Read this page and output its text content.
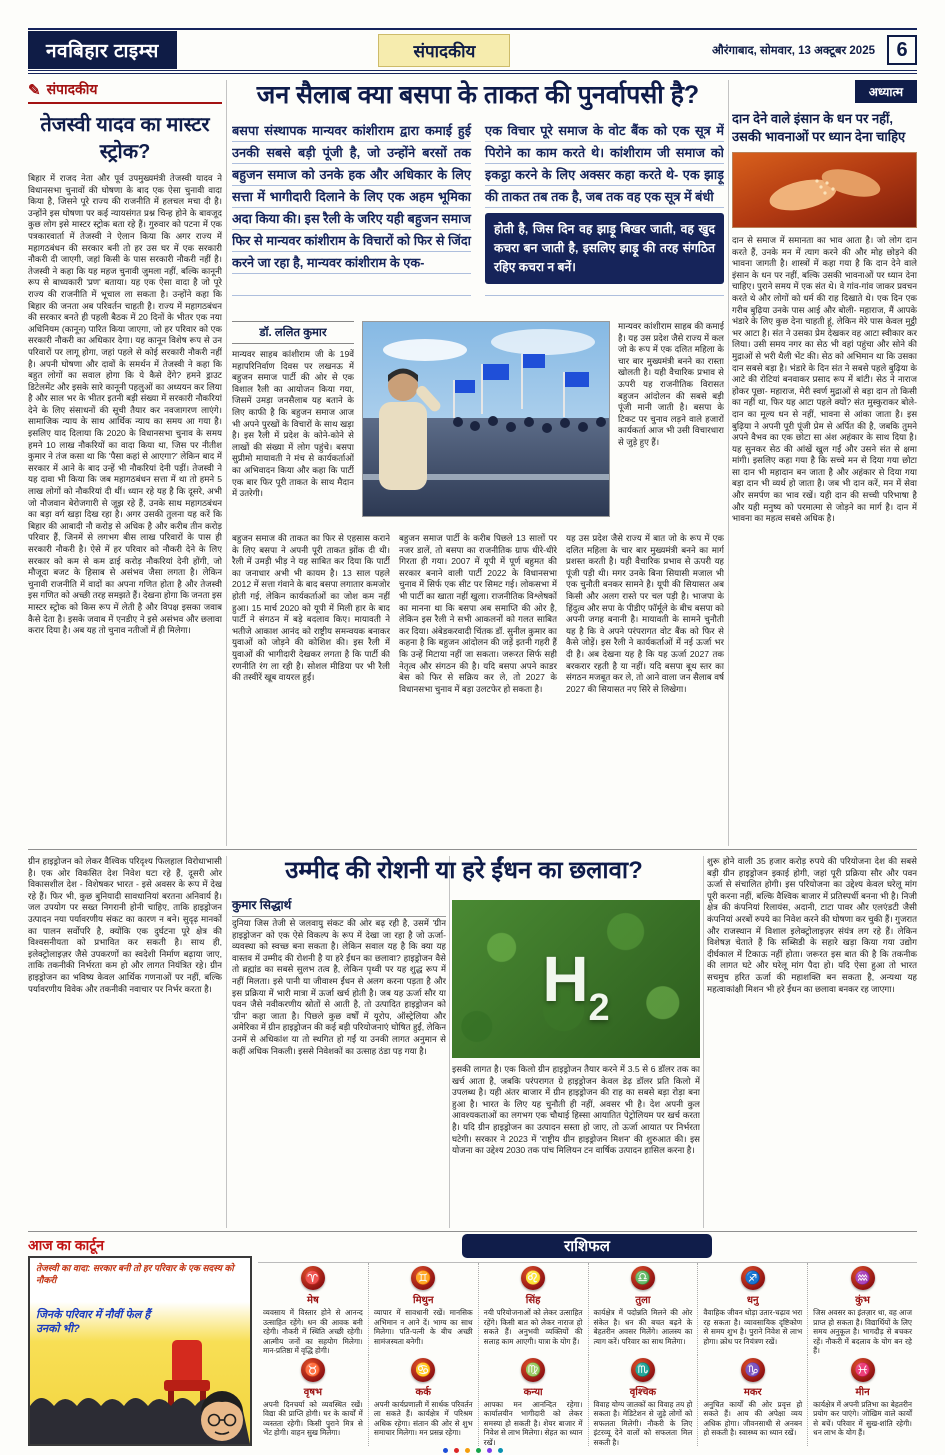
नवबिहार टाइम्स	संपादकीय	औरंगाबाद, सोमवार, 13 अक्टूबर 2025	6
✎ संपादकीय
तेजस्वी यादव का मास्टर स्ट्रोक?
बिहार में राजद नेता और पूर्व उपमुख्यमंत्री तेजस्वी यादव ने विधानसभा चुनावों की घोषणा के बाद एक ऐसा चुनावी वादा किया है, जिसने पूरे राज्य की राजनीति में हलचल मचा दी है। उन्होंने इस घोषणा पर कई न्यायसंगत प्रश्न चिन्ह होने के बावजूद कुछ लोग इसे मास्टर स्ट्रोक बता रहे हैं। गुरुवार को पटना में एक पत्रकारवार्ता में तेजस्वी ने ऐलान किया कि अगर राज्य में महागठबंधन की सरकार बनी तो हर उस घर में एक सरकारी नौकरी दी जाएगी, जहां किसी के पास सरकारी नौकरी नहीं है। तेजस्वी ने कहा कि यह महज चुनावी जुमला नहीं, बल्कि कानूनी रूप से बाध्यकारी 'प्रण' बताया। यह एक ऐसा वादा है जो पूरे राज्य की राजनीति में भूचाल ला सकता है। उन्होंने कहा कि बिहार की जनता अब परिवर्तन चाहती है। राज्य में महागठबंधन की सरकार बनते ही पहली बैठक में 20 दिनों के भीतर एक नया अधिनियम (कानून) पारित किया जाएगा, जो हर परिवार को एक सरकारी नौकरी का अधिकार देगा। यह कानून विशेष रूप से उन परिवारों पर लागू होगा, जहां पहले से कोई सरकारी नौकरी नहीं है। अपनी घोषणा और दावों के समर्थन में तेजस्वी ने कहा कि बहुत लोगों का सवाल होगा कि ये कैसे देंगे? हमने ड्राउट डिटेलमेंट और इसके सारे कानूनी पहलुओं का अध्ययन कर लिया है और साल भर के भीतर इतनी बड़ी संख्या में सरकारी नौकरियां देने के लिए संसाधनों की सूची तैयार कर नवजागरण लाएंगे। सामाजिक न्याय के साथ आर्थिक न्याय का समय आ गया है। इसलिए याद दिलाया कि 2020 के विधानसभा चुनाव के समय हमने 10 लाख नौकरियों का वादा किया था, जिस पर नीतीश कुमार ने तंज कसा था कि 'पैसा कहां से आएगा?' लेकिन बाद में सरकार में आने के बाद उन्हें भी नौकरियां देनी पड़ीं। तेजस्वी ने यह दावा भी किया कि जब महागठबंधन सत्ता में था तो हमने 5 लाख लोगों को नौकरियां दी थीं। ध्यान रहे यह है कि दूसरे, अभी जो नौजवान बेरोजगारी से जूझ रहे हैं, उनके साथ महागठबंधन का बड़ा वर्ग खड़ा दिख रहा है। अगर उसकी तुलना यह करें कि बिहार की आबादी नौ करोड़ से अधिक है और करीब तीन करोड़ परिवार हैं, जिनमें से लगभग बीस लाख परिवारों के पास ही सरकारी नौकरी है। ऐसे में हर परिवार को नौकरी देने के लिए सरकार को कम से कम ढाई करोड़ नौकरियां देनी होंगी, जो मौजूदा बजट के हिसाब से असंभव जैसा लगता है। लेकिन चुनावी राजनीति में वादों का अपना गणित होता है और तेजस्वी इस गणित को अच्छी तरह समझते हैं। देखना होगा कि जनता इस मास्टर स्ट्रोक को किस रूप में लेती है और विपक्ष इसका जवाब कैसे देता है। इसके जवाब में एनडीए ने इसे असंभव और छलावा करार दिया है। अब यह तो चुनाव नतीजों में ही मिलेगा।
जन सैलाब क्या बसपा के ताकत की पुनर्वापसी है?
बसपा संस्थापक मान्यवर कांशीराम द्वारा कमाई हुई उनकी सबसे बड़ी पूंजी है, जो उन्होंने बरसों तक बहुजन समाज को उनके हक और अधिकार के लिए सत्ता में भागीदारी दिलाने के लिए एक अहम भूमिका अदा किया की। इस रैली के जरिए यही बहुजन समाज फिर से मान्यवर कांशीराम के विचारों को फिर से जिंदा करने जा रहा है, मान्यवर कांशीराम के एक-
एक विचार पूरे समाज के वोट बैंक को एक सूत्र में पिरोने का काम करते थे। कांशीराम जी समाज को इकट्ठा करने के लिए अक्सर कहा करते थे- एक झाड़ू की ताकत तब तक है, जब तक वह एक सूत्र में बंधी
होती है, जिस दिन वह झाड़ू बिखर जाती, वह खुद कचरा बन जाती है, इसलिए झाड़ू की तरह संगठित रहिए कचरा न बनें।
डॉ. ललित कुमार
मान्यवर साहब कांशीराम जी के 19वें महापरिनिर्वाण दिवस पर लखनऊ में बहुजन समाज पार्टी की ओर से एक विशाल रैली का आयोजन किया गया, जिसमें उमड़ा जनसैलाब यह बताने के लिए काफी है कि बहुजन समाज आज भी अपने पुरखों के विचारों के साथ खड़ा है। इस रैली में प्रदेश के कोने-कोने से लाखों की संख्या में लोग पहुंचे। बसपा सुप्रीमो मायावती ने मंच से कार्यकर्ताओं का अभिवादन किया और कहा कि पार्टी एक बार फिर पूरी ताकत के साथ मैदान में उतरेगी।
मान्यवर कांशीराम साहब की कमाई है। यह उस प्रदेश जैसे राज्य में कल जो के रूप में एक दलित महिला के चार बार मुख्यमंत्री बनने का रास्ता खोलती है। यही वैचारिक प्रभाव से ऊपरी यह राजनीतिक विरासत बहुजन आंदोलन की सबसे बड़ी पूंजी मानी जाती है। बसपा के टिकट पर चुनाव लड़ने वाले हजारों कार्यकर्ता आज भी उसी विचारधारा से जुड़े हुए हैं।
बहुजन समाज की ताकत का फिर से एहसास कराने के लिए बसपा ने अपनी पूरी ताकत झोंक दी थी। रैली में उमड़ी भीड़ ने यह साबित कर दिया कि पार्टी का जनाधार अभी भी कायम है। 13 साल पहले 2012 में सत्ता गंवाने के बाद बसपा लगातार कमजोर होती गई, लेकिन कार्यकर्ताओं का जोश कम नहीं हुआ। 15 मार्च 2020 को यूपी में मिली हार के बाद पार्टी ने संगठन में बड़े बदलाव किए। मायावती ने भतीजे आकाश आनंद को राष्ट्रीय समन्वयक बनाकर युवाओं को जोड़ने की कोशिश की। इस रैली में युवाओं की भागीदारी देखकर लगता है कि पार्टी की रणनीति रंग ला रही है। सोशल मीडिया पर भी रैली की तस्वीरें खूब वायरल हुईं।
बहुजन समाज पार्टी के करीब पिछले 13 सालों पर नजर डालें, तो बसपा का राजनीतिक ग्राफ धीरे-धीरे गिरता ही गया। 2007 में यूपी में पूर्ण बहुमत की सरकार बनाने वाली पार्टी 2022 के विधानसभा चुनाव में सिर्फ एक सीट पर सिमट गई। लोकसभा में भी पार्टी का खाता नहीं खुला। राजनीतिक विश्लेषकों का मानना था कि बसपा अब समाप्ति की ओर है, लेकिन इस रैली ने सभी आकलनों को गलत साबित कर दिया। अंबेडकरवादी चिंतक डॉ. सुनील कुमार का कहना है कि बहुजन आंदोलन की जड़ें इतनी गहरी हैं कि उन्हें मिटाया नहीं जा सकता। जरूरत सिर्फ सही नेतृत्व और संगठन की है। यदि बसपा अपने काडर बेस को फिर से सक्रिय कर ले, तो 2027 के विधानसभा चुनाव में बड़ा उलटफेर हो सकता है।
यह उस प्रदेश जैसे राज्य में बात जो के रूप में एक दलित महिला के चार बार मुख्यमंत्री बनने का मार्ग प्रशस्त करती है। यही वैचारिक प्रभाव से ऊपरी यह पूंजी पड़ी थी। मगर उनके बिना सियासी मजाल भी एक चुनौती बनकर सामने है। यूपी की सियासत अब किसी और अलग रास्ते पर चल पड़ी है। भाजपा के हिंदुत्व और सपा के पीडीए फॉर्मूले के बीच बसपा को अपनी जगह बनानी है। मायावती के सामने चुनौती यह है कि वे अपने परंपरागत वोट बैंक को फिर से कैसे जोड़ें। इस रैली ने कार्यकर्ताओं में नई ऊर्जा भर दी है। अब देखना यह है कि यह ऊर्जा 2027 तक बरकरार रहती है या नहीं। यदि बसपा बूथ स्तर का संगठन मजबूत कर ले, तो आने वाला जन सैलाब वर्ष 2027 की सियासत नए सिरे से लिखेगा।
अध्यात्म
दान देने वाले इंसान के धन पर नहीं, उसकी भावनाओं पर ध्यान देना चाहिए
दान से समाज में समानता का भाव आता है। जो लोग दान करते हैं, उनके मन में त्याग करने की और मोह छोड़ने की भावना जागती है। शास्त्रों में कहा गया है कि दान देने वाले इंसान के धन पर नहीं, बल्कि उसकी भावनाओं पर ध्यान देना चाहिए। पुराने समय में एक संत थे। वे गांव-गांव जाकर प्रवचन करते थे और लोगों को धर्म की राह दिखाते थे। एक दिन एक गरीब बुढ़िया उनके पास आई और बोली- महाराज, मैं आपके भंडारे के लिए कुछ देना चाहती हूं, लेकिन मेरे पास केवल मुट्ठी भर आटा है। संत ने उसका प्रेम देखकर वह आटा स्वीकार कर लिया। उसी समय नगर का सेठ भी वहां पहुंचा और सोने की मुद्राओं से भरी थैली भेंट की। सेठ को अभिमान था कि उसका दान सबसे बड़ा है। भंडारे के दिन संत ने सबसे पहले बुढ़िया के आटे की रोटियां बनवाकर प्रसाद रूप में बांटी। सेठ ने नाराज होकर पूछा- महाराज, मेरी स्वर्ण मुद्राओं से बड़ा दान तो किसी का नहीं था, फिर यह आटा पहले क्यों? संत मुस्कुराकर बोले- दान का मूल्य धन से नहीं, भावना से आंका जाता है। इस बुढ़िया ने अपनी पूरी पूंजी प्रेम से अर्पित की है, जबकि तुमने अपने वैभव का एक छोटा सा अंश अहंकार के साथ दिया है। यह सुनकर सेठ की आंखें खुल गईं और उसने संत से क्षमा मांगी। इसलिए कहा गया है कि सच्चे मन से दिया गया छोटा सा दान भी महादान बन जाता है और अहंकार से दिया गया बड़ा दान भी व्यर्थ हो जाता है। जब भी दान करें, मन में सेवा और समर्पण का भाव रखें। यही दान की सच्ची परिभाषा है और यही मनुष्य को परमात्मा से जोड़ने का मार्ग है। दान में भावना का महत्व सबसे अधिक है।
ग्रीन हाइड्रोजन को लेकर वैश्विक परिदृश्य फिलहाल विरोधाभासी है। एक ओर विकसित देश निवेश घटा रहे हैं, दूसरी ओर विकासशील देश - विशेषकर भारत - इसे अवसर के रूप में देख रहे हैं। फिर भी, कुछ बुनियादी सावधानियां बरतना अनिवार्य है। जल उपयोग पर सख्त निगरानी होनी चाहिए, ताकि हाइड्रोजन उत्पादन नया पर्यावरणीय संकट का कारण न बने। सुदृढ़ मानकों का पालन सर्वोपरि है, क्योंकि एक दुर्घटना पूरे क्षेत्र की विश्वसनीयता को प्रभावित कर सकती है। साथ ही, इलेक्ट्रोलाइज़र जैसे उपकरणों का स्वदेशी निर्माण बढ़ाया जाए, ताकि तकनीकी निर्भरता कम हो और लागत नियंत्रित रहे। ग्रीन हाइड्रोजन का भविष्य केवल आर्थिक गणनाओं पर नहीं, बल्कि पर्यावरणीय विवेक और तकनीकी नवाचार पर निर्भर करता है।
उम्मीद की रोशनी या हरे ईंधन का छलावा?
कुमार सिद्धार्थ
दुनिया जिस तेजी से जलवायु संकट की ओर बढ़ रही है, उसमें 'ग्रीन हाइड्रोजन' को एक ऐसे विकल्प के रूप में देखा जा रहा है जो ऊर्जा-व्यवस्था को स्वच्छ बना सकता है। लेकिन सवाल यह है कि क्या यह वास्तव में उम्मीद की रोशनी है या हरे ईंधन का छलावा? हाइड्रोजन वैसे तो ब्रह्मांड का सबसे सुलभ तत्व है, लेकिन पृथ्वी पर यह शुद्ध रूप में नहीं मिलता। इसे पानी या जीवाश्म ईंधन से अलग करना पड़ता है और इस प्रक्रिया में भारी मात्रा में ऊर्जा खर्च होती है। जब यह ऊर्जा सौर या पवन जैसे नवीकरणीय स्रोतों से आती है, तो उत्पादित हाइड्रोजन को 'ग्रीन' कहा जाता है। पिछले कुछ वर्षों में यूरोप, ऑस्ट्रेलिया और अमेरिका में ग्रीन हाइड्रोजन की कई बड़ी परियोजनाएं घोषित हुईं, लेकिन उनमें से अधिकांश या तो स्थगित हो गईं या उनकी लागत अनुमान से कहीं अधिक निकली। इससे निवेशकों का उत्साह ठंडा पड़ गया है।
H 2
इसकी लागत है। एक किलो ग्रीन हाइड्रोजन तैयार करने में 3.5 से 6 डॉलर तक का खर्च आता है, जबकि परंपरागत ग्रे हाइड्रोजन केवल डेढ़ डॉलर प्रति किलो में उपलब्ध है। यही अंतर बाजार में ग्रीन हाइड्रोजन की राह का सबसे बड़ा रोड़ा बना हुआ है। भारत के लिए यह चुनौती ही नहीं, अवसर भी है। देश अपनी कुल आवश्यकताओं का लगभग एक चौथाई हिस्सा आयातित पेट्रोलियम पर खर्च करता है। यदि ग्रीन हाइड्रोजन का उत्पादन सस्ता हो जाए, तो ऊर्जा आयात पर निर्भरता घटेगी। सरकार ने 2023 में 'राष्ट्रीय ग्रीन हाइड्रोजन मिशन' की शुरुआत की। इस योजना का उद्देश्य 2030 तक पांच मिलियन टन वार्षिक उत्पादन हासिल करना है।
शुरू होने वाली 35 हजार करोड़ रुपये की परियोजना देश की सबसे बड़ी ग्रीन हाइड्रोजन इकाई होगी, जहां पूरी प्रक्रिया सौर और पवन ऊर्जा से संचालित होगी। इस परियोजना का उद्देश्य केवल घरेलू मांग पूरी करना नहीं, बल्कि वैश्विक बाजार में प्रतिस्पर्धी बनना भी है। निजी क्षेत्र की कंपनियां रिलायंस, अदानी, टाटा पावर और एलएंडटी जैसी कंपनियां अरबों रुपये का निवेश करने की घोषणा कर चुकी हैं। गुजरात और राजस्थान में विशाल इलेक्ट्रोलाइज़र संयंत्र लग रहे हैं। लेकिन विशेषज्ञ चेताते हैं कि सब्सिडी के सहारे खड़ा किया गया उद्योग दीर्घकाल में टिकाऊ नहीं होता। जरूरत इस बात की है कि तकनीक की लागत घटे और घरेलू मांग पैदा हो। यदि ऐसा हुआ तो भारत सचमुच हरित ऊर्जा की महाशक्ति बन सकता है, अन्यथा यह महत्वाकांक्षी मिशन भी हरे ईंधन का छलावा बनकर रह जाएगा।
आज का कार्टून
तेजस्वी का वादा: सरकार बनी तो हर परिवार के एक सदस्य को नौकरी
जिनके परिवार में नौवीं फेल हैं उनको भी?
राशिफल
♈
मेष
व्यवसाय में विस्तार होने से आनन्द उत्साहित रहेंगे। धन की आवक बनी रहेगी। नौकरी में स्थिति अच्छी रहेगी। आत्मीय जनों का सहयोग मिलेगा। मान-प्रतिष्ठा में वृद्धि होगी।
♉
वृषभ
अपनी दिनचर्या को व्यवस्थित रखें। विद्या की प्राप्ति होगी। घर के कार्यों में व्यस्तता रहेगी। किसी पुराने मित्र से भेंट होगी। वाहन सुख मिलेगा।
♊
मिथुन
व्यापार में सावधानी रखें। मानसिक अभिमान न आने दें। भाग्य का साथ मिलेगा। पति-पत्नी के बीच अच्छी सामंजस्यता बनेगी।
♋
कर्क
अपनी कार्यप्रणाली में सार्थक परिवर्तन ला सकते हैं। कार्यक्षेत्र में परिश्रम अधिक रहेगा। संतान की ओर से शुभ समाचार मिलेगा। मन प्रसन्न रहेगा।
♌
सिंह
नयी परियोजनाओं को लेकर उत्साहित रहेंगे। किसी बात को लेकर नाराज हो सकते हैं। अनुभवी व्यक्तियों की सलाह काम आएगी। यात्रा के योग हैं।
♍
कन्या
आपका मन आनन्दित रहेगा। कार्यालयीन भागीदारी को लेकर समस्या हो सकती है। शेयर बाजार में निवेश से लाभ मिलेगा। सेहत का ध्यान रखें।
♎
तुला
कार्यक्षेत्र में पदोन्नति मिलने की ओर संकेत है। धन की बचत बढ़ने के बेहतरीन अवसर मिलेंगे। आलस्य का त्याग करें। परिवार का साथ मिलेगा।
♏
वृश्चिक
विवाह योग्य जातकों का विवाह तय हो सकता है। मेडिटेशन से जुड़े लोगों को सफलता मिलेगी। नौकरी के लिए इंटरव्यू देने वालों को सफलता मिल सकती है।
♐
धनु
वैवाहिक जीवन थोड़ा उतार-चढ़ाव भरा रह सकता है। व्यावसायिक दृष्टिकोण से समय शुभ है। पुराने निवेश से लाभ होगा। क्रोध पर नियंत्रण रखें।
♑
मकर
अनुचित कार्यों की ओर प्रवृत्त हो सकते हैं। आय की अपेक्षा व्यय अधिक होगा। जीवनसाथी से अनबन हो सकती है। स्वास्थ्य का ध्यान रखें।
♒
कुंभ
जिस अवसर का इंतज़ार था, वह आज प्राप्त हो सकता है। विद्यार्थियों के लिए समय अनुकूल है। भागदौड़ से बचकर रहें। नौकरी में बदलाव के योग बन रहे हैं।
♓
मीन
कार्यक्षेत्र में अपनी प्रतिभा का बेहतरीन प्रयोग कर पाएंगे। जोखिम वाले कार्यों से बचें। परिवार में सुख-शांति रहेगी। धन लाभ के योग हैं।
